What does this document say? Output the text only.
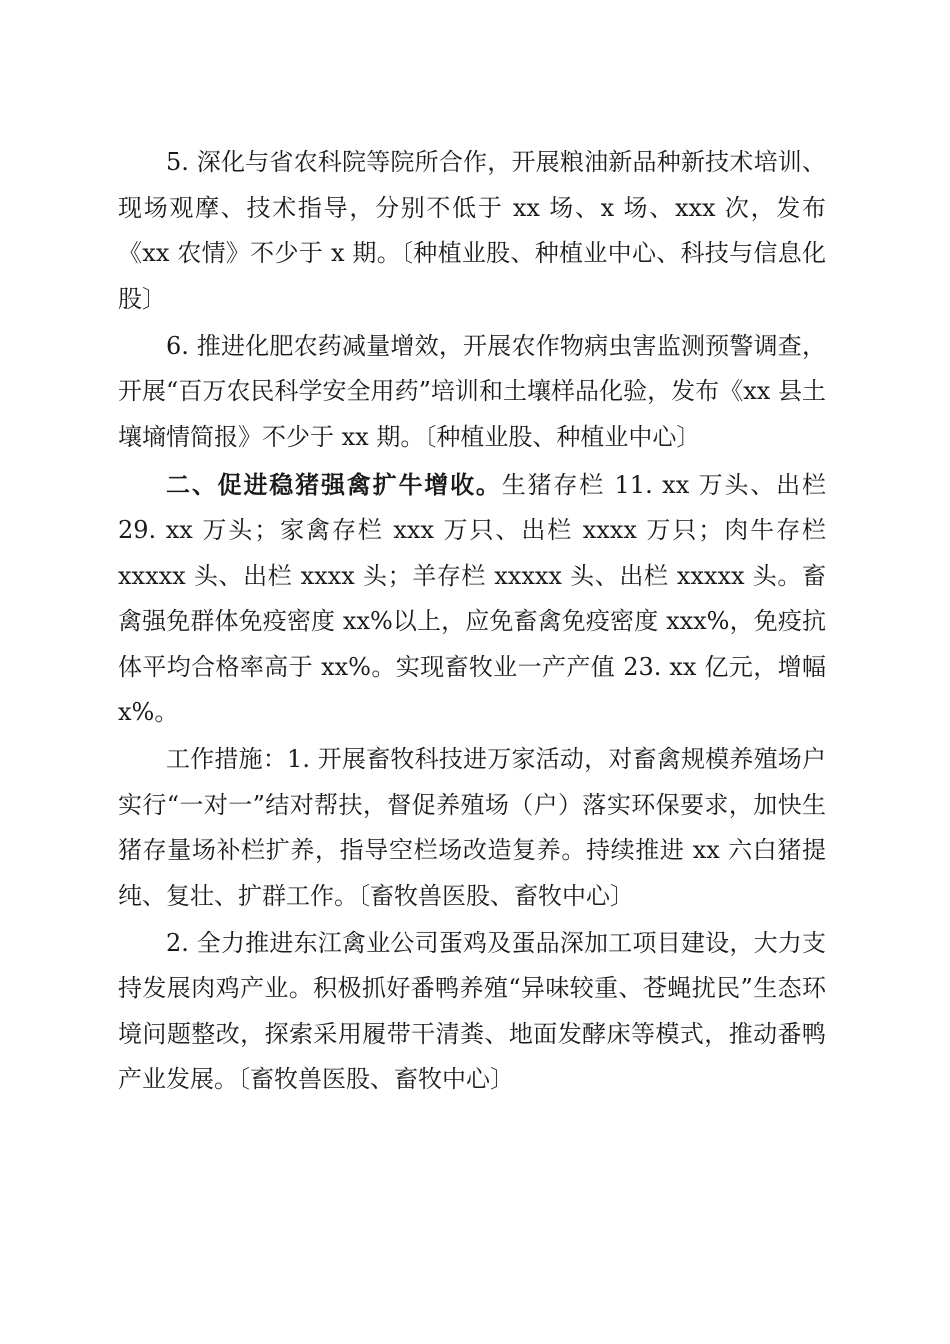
5. 深化与省农科院等院所合作，开展粮油新品种新技术培训、现场观摩、技术指导，分别不低于 xx 场、x 场、xxx 次，发布《xx 农情》不少于 x 期。〔种植业股、种植业中心、科技与信息化股〕

6. 推进化肥农药减量增效，开展农作物病虫害监测预警调查，开展“百万农民科学安全用药”培训和土壤样品化验，发布《xx 县土壤墒情简报》不少于 xx 期。〔种植业股、种植业中心〕

二、促进稳猪强禽扩牛增收。生猪存栏 11. xx 万头、出栏 29. xx 万头；家禽存栏 xxx 万只、出栏 xxxx 万只；肉牛存栏 xxxxx 头、出栏 xxxx 头；羊存栏 xxxxx 头、出栏 xxxxx 头。畜禽强免群体免疫密度 xx%以上，应免畜禽免疫密度 xxx%，免疫抗体平均合格率高于 xx%。实现畜牧业一产产值 23. xx 亿元，增幅 x%。

工作措施：1. 开展畜牧科技进万家活动，对畜禽规模养殖场户实行“一对一”结对帮扶，督促养殖场（户）落实环保要求，加快生猪存量场补栏扩养，指导空栏场改造复养。持续推进 xx 六白猪提纯、复壮、扩群工作。〔畜牧兽医股、畜牧中心〕

2. 全力推进东江禽业公司蛋鸡及蛋品深加工项目建设，大力支持发展肉鸡产业。积极抓好番鸭养殖“异味较重、苍蝇扰民”生态环境问题整改，探索采用履带干清粪、地面发酵床等模式，推动番鸭产业发展。〔畜牧兽医股、畜牧中心〕
